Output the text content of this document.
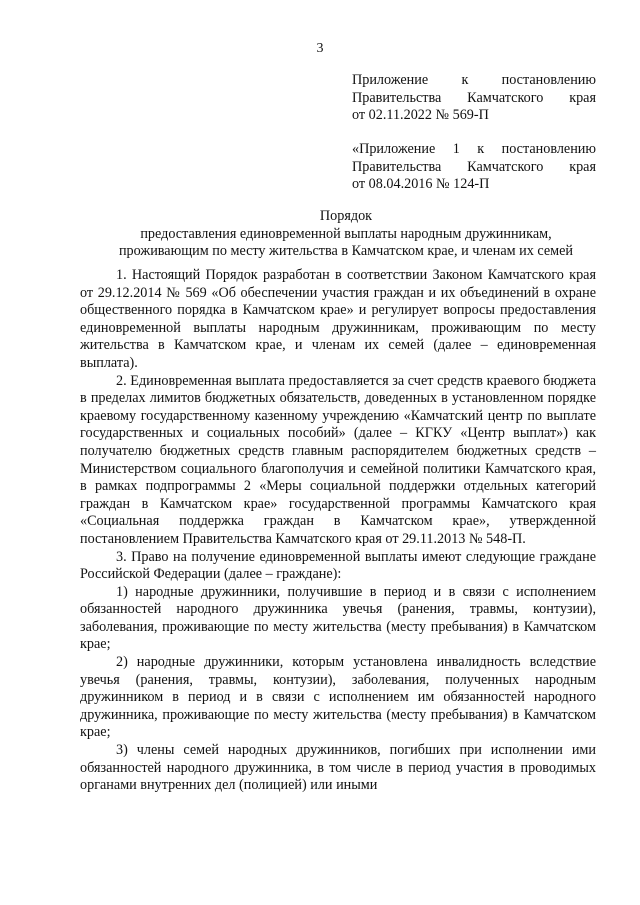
3

Приложение к постановлению

Правительства Камчатского края

от 02.11.2022 № 569-П

«Приложение 1 к постановлению

Правительства Камчатского края

от 08.04.2016 № 124-П

Порядок

предоставления единовременной выплаты народным дружинникам,

проживающим по месту жительства в Камчатском крае, и членам их семей

1. Настоящий Порядок разработан в соответствии Законом Камчатского края от 29.12.2014 № 569 «Об обеспечении участия граждан и их объединений в охране общественного порядка в Камчатском крае» и регулирует вопросы предоставления единовременной выплаты народным дружинникам, проживающим по месту жительства в Камчатском крае, и членам их семей (далее – единовременная выплата).

2. Единовременная выплата предоставляется за счет средств краевого бюджета в пределах лимитов бюджетных обязательств, доведенных в установленном порядке краевому государственному казенному учреждению «Камчатский центр по выплате государственных и социальных пособий» (далее – КГКУ «Центр выплат») как получателю бюджетных средств главным распорядителем бюджетных средств – Министерством социального благополучия и семейной политики Камчатского края, в рамках подпрограммы 2 «Меры социальной поддержки отдельных категорий граждан в Камчатском крае» государственной программы Камчатского края «Социальная поддержка граждан в Камчатском крае», утвержденной постановлением Правительства Камчатского края от 29.11.2013 № 548-П.

3. Право на получение единовременной выплаты имеют следующие граждане Российской Федерации (далее – граждане):

1) народные дружинники, получившие в период и в связи с исполнением обязанностей народного дружинника увечья (ранения, травмы, контузии), заболевания, проживающие по месту жительства (месту пребывания) в Камчатском крае;

2) народные дружинники, которым установлена инвалидность вследствие увечья (ранения, травмы, контузии), заболевания, полученных народным дружинником в период и в связи с исполнением им обязанностей народного дружинника, проживающие по месту жительства (месту пребывания) в Камчатском крае;

3) члены семей народных дружинников, погибших при исполнении ими обязанностей народного дружинника, в том числе в период участия в проводимых органами внутренних дел (полицией) или иными
